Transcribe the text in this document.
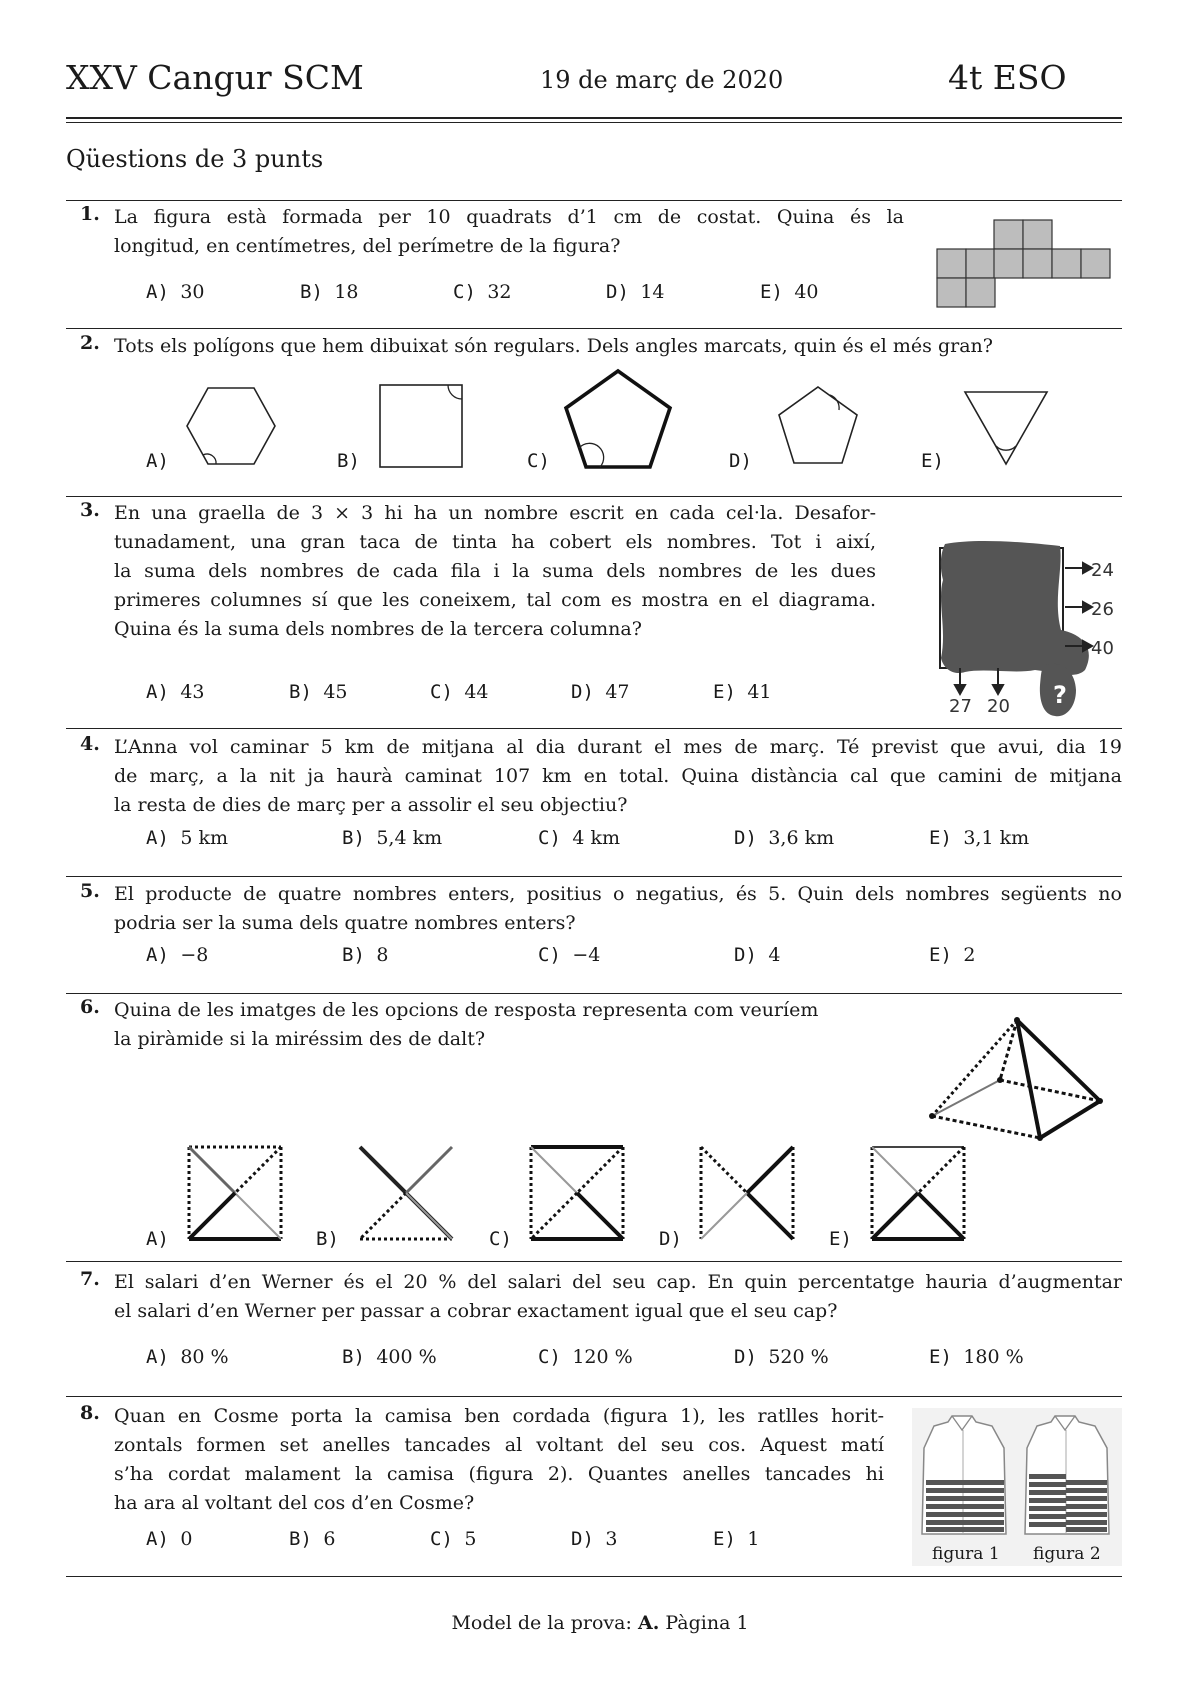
XXV Cangur SCM	19 de març de 2020	4t ESO
Qüestions de 3 punts
1. La figura està formada per 10 quadrats d’1 cm de costat. Quina és la
longitud, en centímetres, del perímetre de la figura?
A) 30	B) 18	C) 32	D) 14	E) 40
2. Tots els polígons que hem dibuixat són regulars. Dels angles marcats, quin és el més gran?
A)	B)	C)	D)	E)
3. En una graella de 3 × 3 hi ha un nombre escrit en cada cel·la. Desafor-
tunadament, una gran taca de tinta ha cobert els nombres. Tot i així,
la suma dels nombres de cada fila i la suma dels nombres de les dues
primeres columnes sí que les coneixem, tal com es mostra en el diagrama.
Quina és la suma dels nombres de la tercera columna?
A) 43	B) 45	C) 44	D) 47	E) 41	?
24
26
40
27 20
4. L’Anna vol caminar 5 km de mitjana al dia durant el mes de març. Té previst que avui, dia 19
de març, a la nit ja haurà caminat 107 km en total. Quina distància cal que camini de mitjana
la resta de dies de març per a assolir el seu objectiu?
A) 5 km	B) 5,4 km	C) 4 km	D) 3,6 km	E) 3,1 km
5. El producte de quatre nombres enters, positius o negatius, és 5. Quin dels nombres següents no
podria ser la suma dels quatre nombres enters?
A) −8	B) 8	C) −4	D) 4	E) 2
6. Quina de les imatges de les opcions de resposta representa com veuríem
la piràmide si la miréssim des de dalt?
A)	B)	C)	D)	E)
7. El salari d’en Werner és el 20 % del salari del seu cap. En quin percentatge hauria d’augmentar
el salari d’en Werner per passar a cobrar exactament igual que el seu cap?
A) 80 %	B) 400 %	C) 120 %	D) 520 %	E) 180 %
8. Quan en Cosme porta la camisa ben cordada (figura 1), les ratlles horit-
zontals formen set anelles tancades al voltant del seu cos. Aquest matí
s’ha cordat malament la camisa (figura 2). Quantes anelles tancades hi
ha ara al voltant del cos d’en Cosme?
A) 0	B) 6	C) 5	D) 3	E) 1
figura 1 figura 2
Model de la prova: A. Pàgina 1
